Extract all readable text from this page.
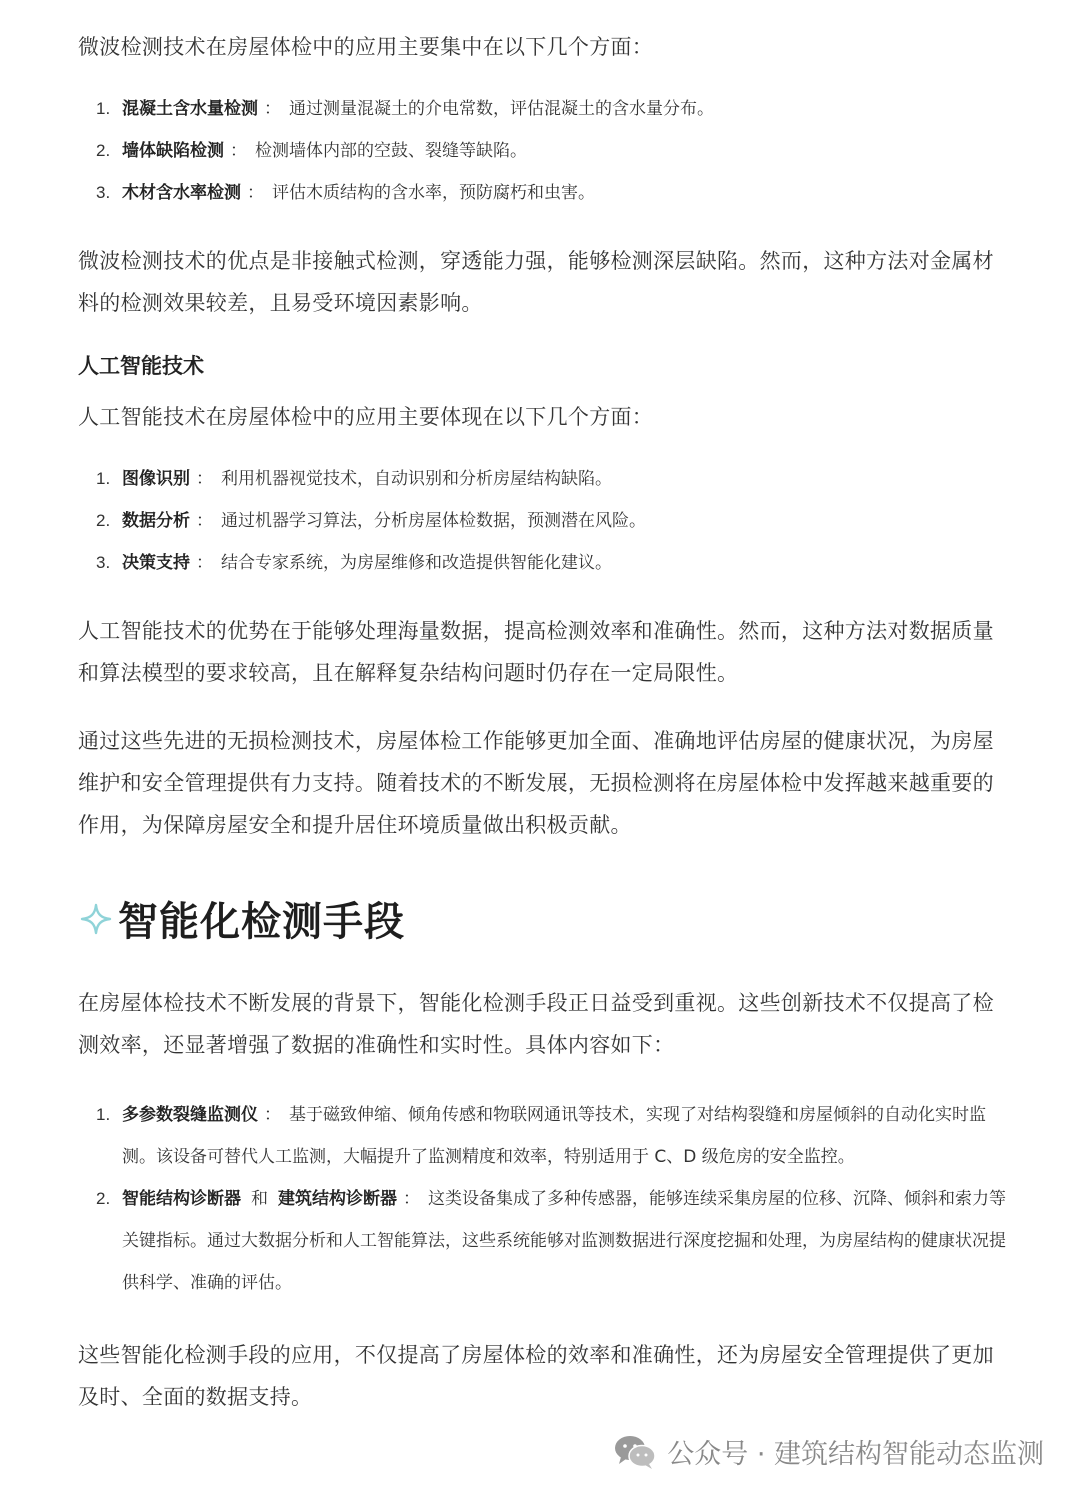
微波检测技术在房屋体检中的应用主要集中在以下几个方面：

1. 混凝土含水量检测 ： 通过测量混凝土的介电常数，评估混凝土的含水量分布。
2. 墙体缺陷检测 ： 检测墙体内部的空鼓、裂缝等缺陷。
3. 木材含水率检测 ： 评估木质结构的含水率，预防腐朽和虫害。

微波检测技术的优点是非接触式检测，穿透能力强，能够检测深层缺陷。然而，这种方法对金属材料的检测效果较差，且易受环境因素影响。

人工智能技术

人工智能技术在房屋体检中的应用主要体现在以下几个方面：

1. 图像识别 ： 利用机器视觉技术，自动识别和分析房屋结构缺陷。
2. 数据分析 ： 通过机器学习算法，分析房屋体检数据，预测潜在风险。
3. 决策支持 ： 结合专家系统，为房屋维修和改造提供智能化建议。

人工智能技术的优势在于能够处理海量数据，提高检测效率和准确性。然而，这种方法对数据质量和算法模型的要求较高，且在解释复杂结构问题时仍存在一定局限性。

通过这些先进的无损检测技术，房屋体检工作能够更加全面、准确地评估房屋的健康状况，为房屋维护和安全管理提供有力支持。随着技术的不断发展，无损检测将在房屋体检中发挥越来越重要的作用，为保障房屋安全和提升居住环境质量做出积极贡献。

在房屋体检技术不断发展的背景下，智能化检测手段正日益受到重视。这些创新技术不仅提高了检测效率，还显著增强了数据的准确性和实时性。具体内容如下：

1. 多参数裂缝监测仪 ： 基于磁致伸缩、倾角传感和物联网通讯等技术，实现了对结构裂缝和房屋倾斜的自动化实时监测。该设备可替代人工监测，大幅提升了监测精度和效率，特别适用于 C、D 级危房的安全监控。
2. 智能结构诊断器 和 建筑结构诊断器 ： 这类设备集成了多种传感器，能够连续采集房屋的位移、沉降、倾斜和索力等关键指标。通过大数据分析和人工智能算法，这些系统能够对监测数据进行深度挖掘和处理，为房屋结构的健康状况提供科学、准确的评估。

这些智能化检测手段的应用，不仅提高了房屋体检的效率和准确性，还为房屋安全管理提供了更加及时、全面的数据支持。

智能化检测手段
公众号 · 建筑结构智能动态监测
